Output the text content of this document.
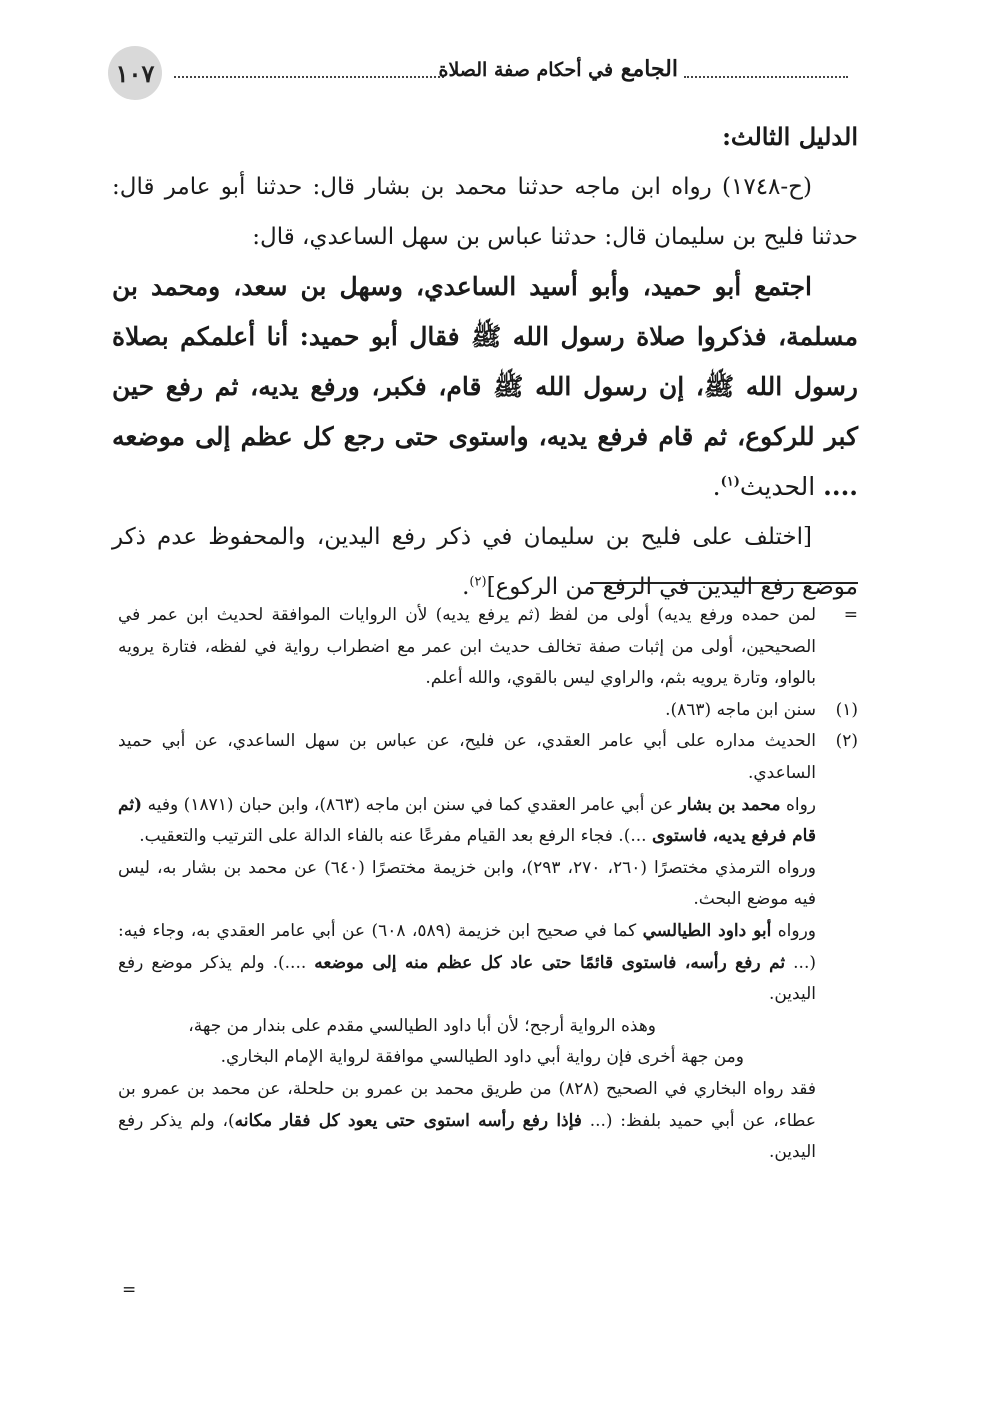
١٠٧	الجامع في أحكام صفة الصلاة

الدليل الثالث:

(ح-١٧٤٨) رواه ابن ماجه حدثنا محمد بن بشار قال: حدثنا أبو عامر قال: حدثنا فليح بن سليمان قال: حدثنا عباس بن سهل الساعدي، قال:

اجتمع أبو حميد، وأبو أسيد الساعدي، وسهل بن سعد، ومحمد بن مسلمة، فذكروا صلاة رسول الله ﷺ فقال أبو حميد: أنا أعلمكم بصلاة رسول الله ﷺ، إن رسول الله ﷺ قام، فكبر، ورفع يديه، ثم رفع حين كبر للركوع، ثم قام فرفع يديه، واستوى حتى رجع كل عظم إلى موضعه .... الحديث$^{(١)}$.

[اختلف على فليح بن سليمان في ذكر رفع اليدين، والمحفوظ عدم ذكر موضع رفع اليدين في الرفع من الركوع]$^{(٢)}$.

=
لمن حمده ورفع يديه) أولى من لفظ (ثم يرفع يديه) لأن الروايات الموافقة لحديث ابن عمر في الصحيحين، أولى من إثبات صفة تخالف حديث ابن عمر مع اضطراب رواية في لفظه، فتارة يرويه بالواو، وتارة يرويه بثم، والراوي ليس بالقوي، والله أعلم.
(١)
سنن ابن ماجه (٨٦٣).
(٢)
الحديث مداره على أبي عامر العقدي، عن فليح، عن عباس بن سهل الساعدي، عن أبي حميد الساعدي.

رواه محمد بن بشار عن أبي عامر العقدي كما في سنن ابن ماجه (٨٦٣)، وابن حبان (١٨٧١) وفيه (ثم قام فرفع يديه، فاستوى ...). فجاء الرفع بعد القيام مفرعًا عنه بالفاء الدالة على الترتيب والتعقيب.

ورواه الترمذي مختصرًا (٢٦٠، ٢٧٠، ٢٩٣)، وابن خزيمة مختصرًا (٦٤٠) عن محمد بن بشار به، ليس فيه موضع البحث.

ورواه أبو داود الطيالسي كما في صحيح ابن خزيمة (٥٨٩، ٦٠٨) عن أبي عامر العقدي به، وجاء فيه: (... ثم رفع رأسه، فاستوى قائمًا حتى عاد كل عظم منه إلى موضعه ....). ولم يذكر موضع رفع اليدين.

وهذه الرواية أرجح؛ لأن أبا داود الطيالسي مقدم على بندار من جهة،

ومن جهة أخرى فإن رواية أبي داود الطيالسي موافقة لرواية الإمام البخاري.

فقد رواه البخاري في الصحيح (٨٢٨) من طريق محمد بن عمرو بن حلحلة، عن محمد بن عمرو بن عطاء، عن أبي حميد بلفظ: (... فإذا رفع رأسه استوى حتى يعود كل فقار مكانه)، ولم يذكر رفع اليدين.

=
